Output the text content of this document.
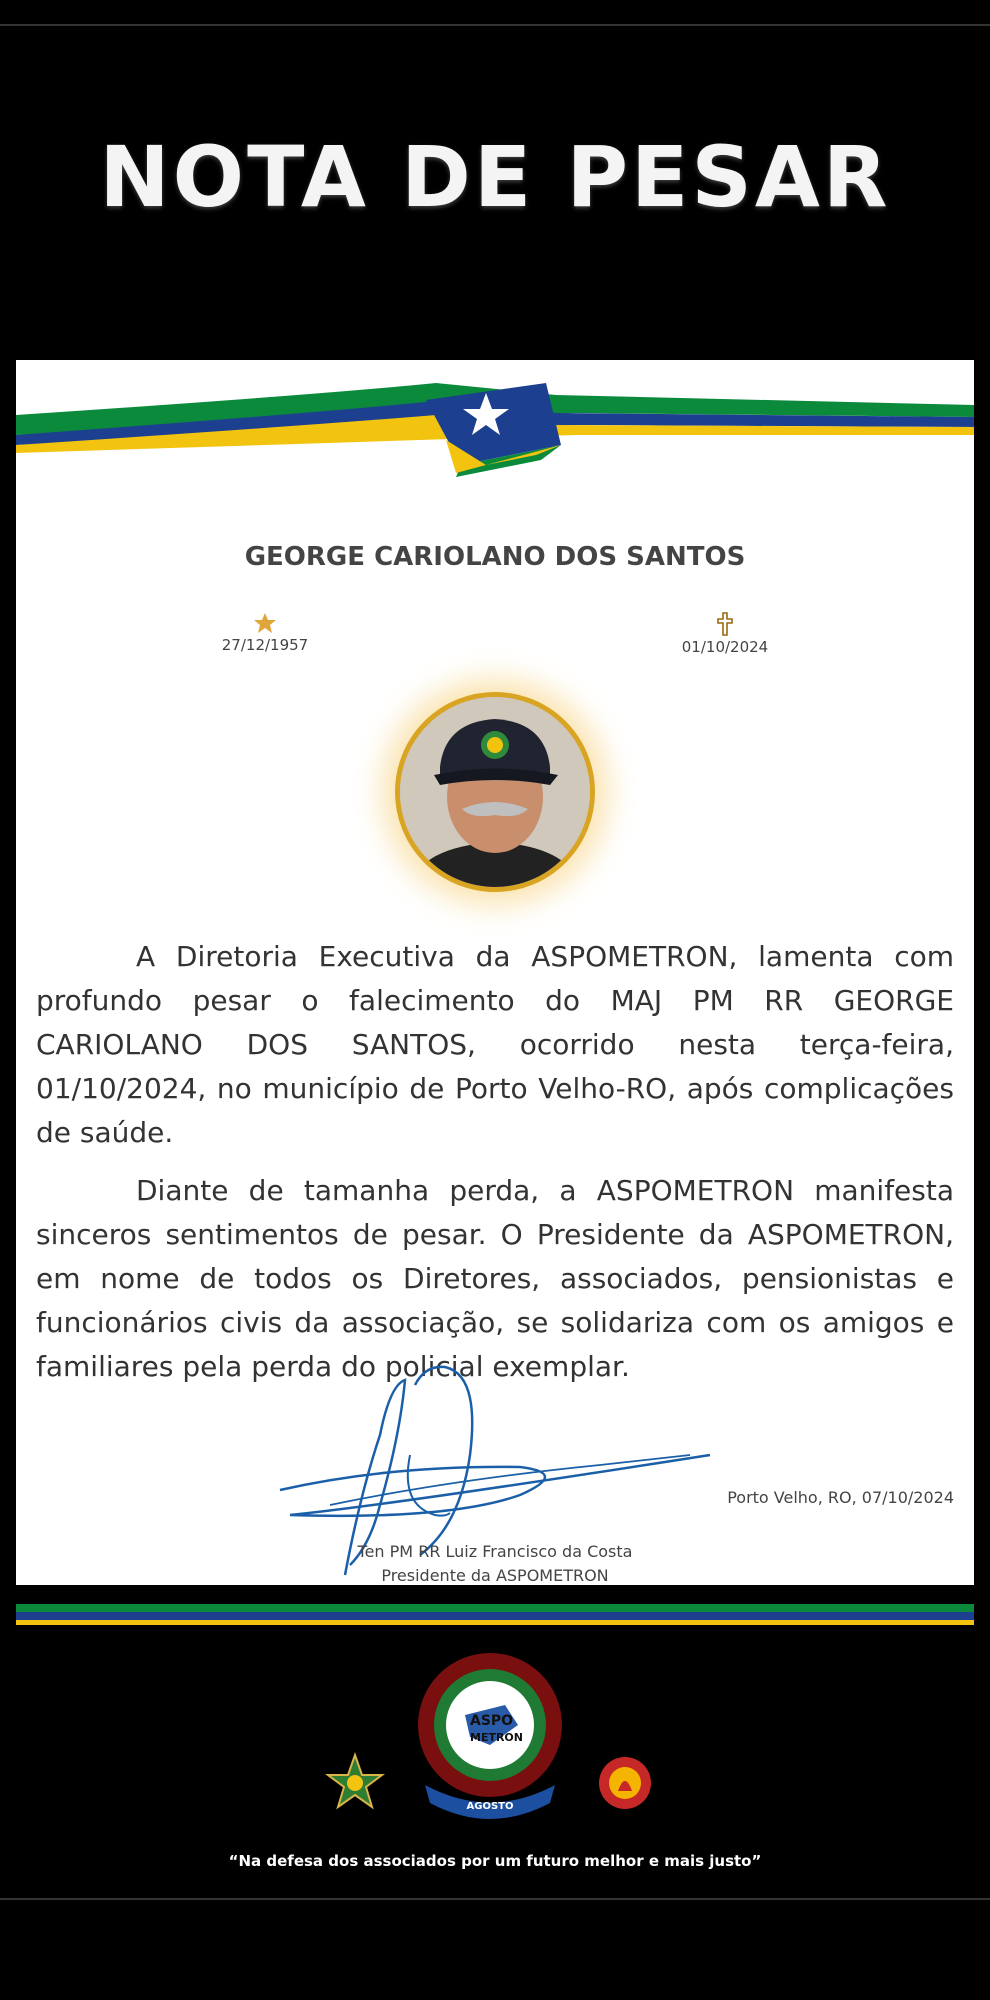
NOTA DE PESAR
GEORGE CARIOLANO DOS SANTOS
27/12/1957	01/10/2024

A Diretoria Executiva da ASPOMETRON, lamenta com profundo pesar o falecimento do MAJ PM RR GEORGE CARIOLANO DOS SANTOS, ocorrido nesta terça-feira, 01/10/2024, no município de Porto Velho-RO, após complicações de saúde.

Diante de tamanha perda, a ASPOMETRON manifesta sinceros sentimentos de pesar. O Presidente da ASPOMETRON, em nome de todos os Diretores, associados, pensionistas e funcionários civis da associação, se solidariza com os amigos e familiares pela perda do policial exemplar.

Porto Velho, RO, 07/10/2024
Ten PM RR Luiz Francisco da Costa
Presidente da ASPOMETRON
ASPO
METRON
AGOSTO
“Na defesa dos associados por um futuro melhor e mais justo”
